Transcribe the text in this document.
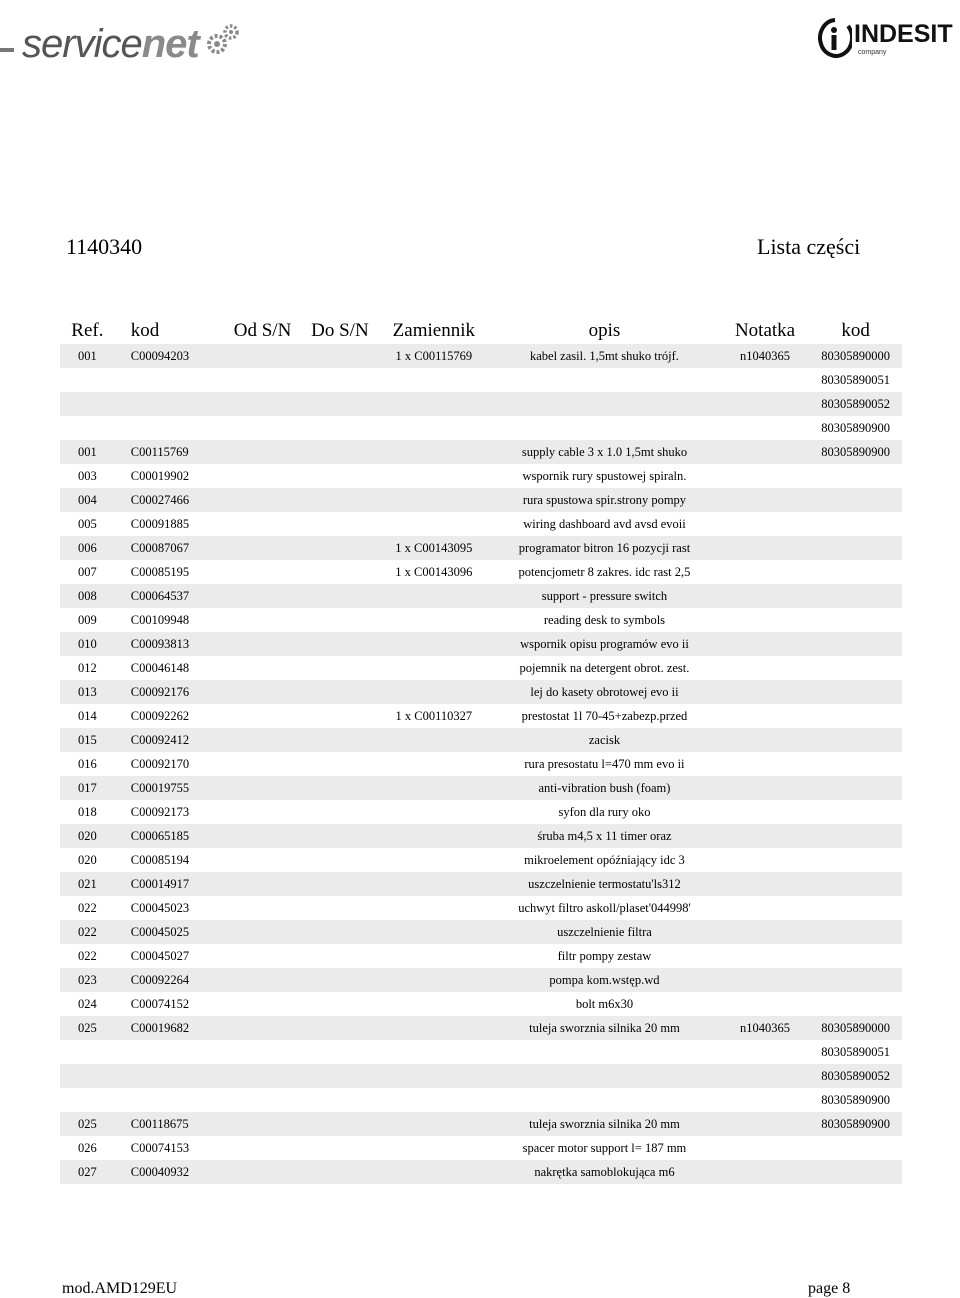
servicenet	INDESIT
company
1140340	Lista części
Ref.	kod	Od S/N	Do S/N	Zamiennik	opis	Notatka	kod
001	C00094203			1 x C00115769	kabel zasil. 1,5mt shuko trójf.	n1040365	80305890000
							80305890051
							80305890052
							80305890900
001	C00115769				supply cable 3 x 1.0 1,5mt shuko		80305890900
003	C00019902				wspornik rury spustowej spiraln.		
004	C00027466				rura spustowa spir.strony pompy		
005	C00091885				wiring dashboard avd avsd evoii		
006	C00087067			1 x C00143095	programator bitron 16 pozycji rast		
007	C00085195			1 x C00143096	potencjometr 8 zakres. idc rast 2,5		
008	C00064537				support - pressure switch		
009	C00109948				reading desk to symbols		
010	C00093813				wspornik opisu programów evo ii		
012	C00046148				pojemnik na detergent obrot. zest.		
013	C00092176				lej do kasety obrotowej evo ii		
014	C00092262			1 x C00110327	prestostat 1l 70-45+zabezp.przed		
015	C00092412				zacisk		
016	C00092170				rura presostatu l=470 mm evo ii		
017	C00019755				anti-vibration bush (foam)		
018	C00092173				syfon dla rury oko		
020	C00065185				śruba m4,5 x 11 timer oraz		
020	C00085194				mikroelement opóźniający idc 3		
021	C00014917				uszczelnienie termostatu'ls312		
022	C00045023				uchwyt filtro askoll/plaset'044998'		
022	C00045025				uszczelnienie filtra		
022	C00045027				filtr pompy zestaw		
023	C00092264				pompa kom.wstęp.wd		
024	C00074152				bolt m6x30		
025	C00019682				tuleja sworznia silnika 20 mm	n1040365	80305890000
							80305890051
							80305890052
							80305890900
025	C00118675				tuleja sworznia silnika 20 mm		80305890900
026	C00074153				spacer motor support l= 187 mm		
027	C00040932				nakrętka samoblokująca m6		
mod.AMD129EU	page 8
